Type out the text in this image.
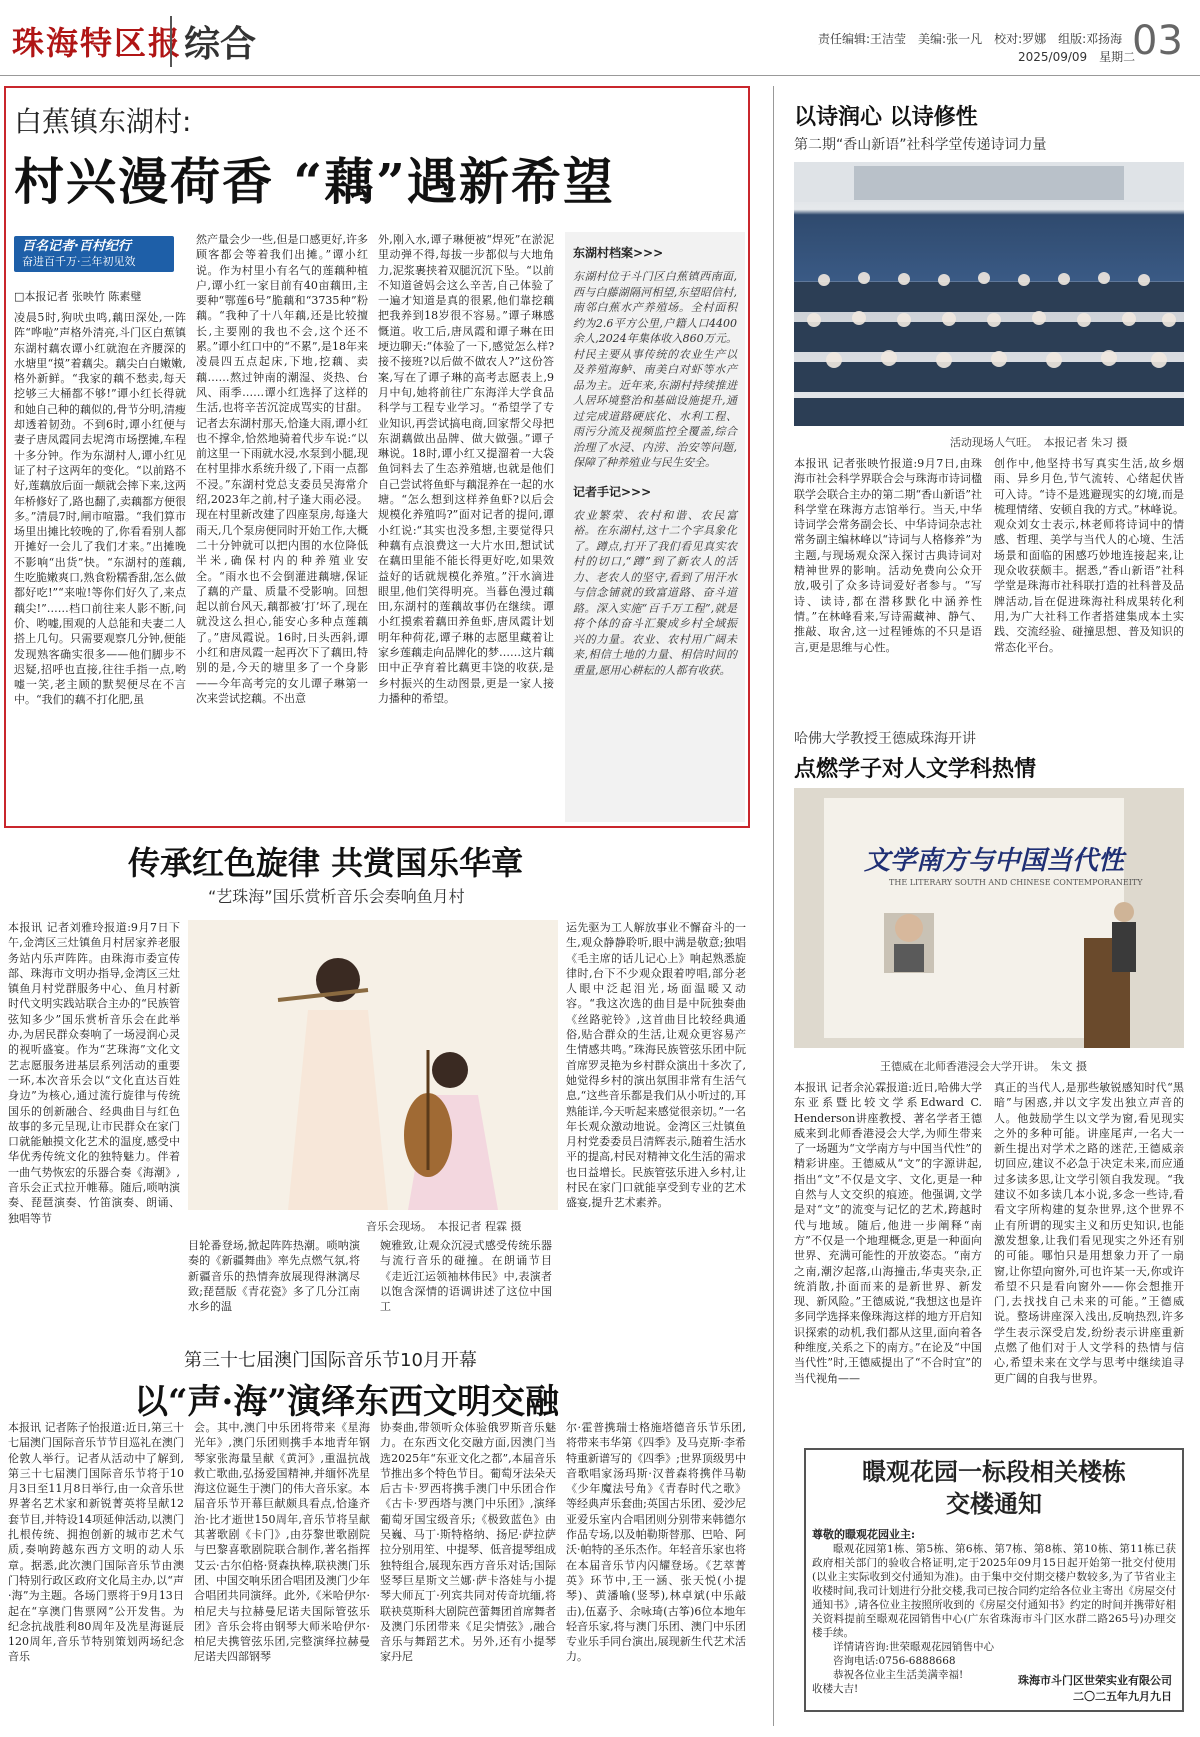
珠海特区报 综合	责任编辑:王洁莹　美编:张一凡　校对:罗娜　组版:邓扬海
2025/09/09　星期二
03
白蕉镇东湖村:
村兴漫荷香 “藕”遇新希望
百名记者·百村纪行
奋进百千万·三年初见效
□本报记者 张映竹 陈素璧
凌晨5时,狗吠虫鸣,藕田深处,一阵阵“哗啦”声格外清亮,斗门区白蕉镇东湖村藕农谭小红就泡在齐腰深的水塘里“摸”着藕尖。藕尖白白嫩嫩,格外新鲜。“我家的藕不愁卖,每天挖够三大桶都不够!”谭小红长得就和她自己种的藕似的,骨节分明,清瘦却透着韧劲。不到6时,谭小红便与妻子唐凤霞同去坭湾市场摆摊,车程十多分钟。作为东湖村人,谭小红见证了村子这两年的变化。“以前路不好,莲藕放后面一颠就会摔下来,这两年桥修好了,路也翻了,卖藕都方便很多。”清晨7时,闸市喧嚣。“我们算市场里出摊比较晚的了,你看看别人都开摊好一会儿了我们才来。”出摊晚不影响“出货”快。“东湖村的莲藕,生吃脆嫩爽口,熟食粉糯香甜,怎么做都好吃!”“来啦!等你们好久了,来点藕尖!”……档口前往来人影不断,问价、哟嘘,围观的人总能和夫妻二人搭上几句。只需要观察几分钟,便能发现熟客确实很多——他们脚步不迟疑,招呼也直接,往往手指一点,哟嘘一笑,老主顾的默契便尽在不言中。“我们的藕不打化肥,虽
然产量会少一些,但是口感更好,许多顾客都会等着我们出摊。”谭小红说。作为村里小有名气的莲藕种植户,谭小红一家目前有40亩藕田,主要种“鄂莲6号”脆藕和“3735种”粉藕。“我种了十八年藕,还是比较擅长,主要刚的我也不会,这个还不累。”谭小红口中的“不累”,是18年来凌晨四五点起床,下地,挖藕、卖藕……熬过钟南的潮湿、炎热、台风、雨季……谭小红选择了这样的生活,也将辛苦沉淀成骂实的甘甜。记者去东湖村那天,恰逢大雨,谭小红也不撑伞,恰然地骑着代步车说:“以前这里一下雨就水浸,水泵到小腿,现在村里排水系统升级了,下雨一点都不浸。”东湖村党总支委员吴海常介绍,2023年之前,村子逢大雨必浸。现在村里新改建了四座泵房,每逢大雨天,几个泵房便同时开始工作,大概二十分钟就可以把内围的水位降低半米,确保村内的种养殖业安全。“雨水也不会倒灌进藕塘,保证了藕的产量、质量不受影响。回想起以前台风天,藕都被‘打’坏了,现在就没这么担心,能安心多种点莲藕了。”唐凤霞说。16时,日头西斜,谭小红和唐凤霞一起再次下了藕田,特别的是,今天的塘里多了一个身影——今年高考完的女儿谭子琳第一次来尝试挖藕。不出意
外,刚入水,谭子琳便被“焊死”在淤泥里动弹不得,每拔一步都似与大地角力,泥浆裹挟着双腿沉沉下坠。“以前不知道爸妈会这么辛苦,自己体验了一遍才知道是真的很累,他们靠挖藕把我养到18岁很不容易。”谭子琳感慨道。收工后,唐凤霞和谭子琳在田埂边聊天:“体验了一下,感觉怎么样?接不接班?以后做不做农人?”这份答案,写在了谭子琳的高考志愿表上,9月中旬,她将前往广东海洋大学食品科学与工程专业学习。“希望学了专业知识,再尝试搞电商,回家帮父母把东湖藕做出品牌、做大做强。”谭子琳说。18时,谭小红又提溜着一大袋鱼饲料去了生态养殖塘,也就是他们自己尝试将鱼虾与藕混养在一起的水塘。“怎么想到这样养鱼虾?以后会规模化养殖吗?”面对记者的提问,谭小红说:“其实也没多想,主要觉得只种藕有点浪费这一大片水田,想试试在藕田里能不能长得更好吃,如果效益好的话就规模化养殖。”汗水滴进眼里,他们笑得明亮。当暮色漫过藕田,东湖村的莲藕故事仍在继续。谭小红摸索着藕田养鱼虾,唐凤霞计划明年种荷花,谭子琳的志愿里藏着让家乡莲藕走向品牌化的梦……这片藕田中正孕育着比藕更丰饶的收获,是乡村振兴的生动图景,更是一家人接力播种的希望。
东湖村档案>>>

东湖村位于斗门区白蕉镇西南面,西与白藤湖隔河相望,东望昭信村,南邻白蕉水产养殖场。全村面积约为2.6平方公里,户籍人口4400余人,2024年集体收入860万元。村民主要从事传统的农业生产以及养殖海鲈、南美白对虾等水产品为主。近年来,东湖村持续推进人居环境整治和基础设施提升,通过完成道路硬底化、水利工程、雨污分流及视频监控全覆盖,综合治理了水浸、内涝、治安等问题,保障了种养殖业与民生安全。

记者手记>>>

农业繁荣、农村和谐、农民富裕。在东湖村,这十二个字具象化了。蹲点,打开了我们看见真实农村的切口,“蹲”到了新农人的活力、老农人的坚守,看到了用汗水与信念铺就的致富道路、奋斗道路。深入实施“百千万工程”,就是将个体的奋斗汇聚成乡村全域振兴的力量。农业、农村用广阔未来,相信土地的力量、相信时间的重量,愿用心耕耘的人都有收获。

以诗润心 以诗修性
第二期“香山新语”社科学堂传递诗词力量
活动现场人气旺。　本报记者 朱习 摄
本报讯 记者张映竹报道:9月7日,由珠海市社会科学界联合会与珠海市诗词楹联学会联合主办的第二期“香山新语”社科学堂在珠海方志馆举行。当天,中华诗词学会常务副会长、中华诗词杂志社常务副主编林峰以“诗词与人格修养”为主题,与现场观众深入探讨古典诗词对精神世界的影响。活动免费向公众开放,吸引了众多诗词爱好者参与。“写诗、读诗,都在潜移默化中涵养性情。”在林峰看来,写诗需藏神、静气、推敲、取舍,这一过程锤炼的不只是语言,更是思维与心性。
创作中,他坚持书写真实生活,故乡烟雨、异乡月色,节气流转、心绪起伏皆可入诗。“诗不是逃避现实的幻境,而是梳理情绪、安顿自我的方式。”林峰说。观众刘女士表示,林老师将诗词中的情感、哲理、美学与当代人的心境、生活场景和面临的困感巧妙地连接起来,让现众收获颇丰。据悉,“香山新语”社科学堂是珠海市社科联打造的社科普及品牌活动,旨在促进珠海社科成果转化利用,为广大社科工作者搭建集成本土实践、交流经验、碰撞思想、普及知识的常态化平台。
哈佛大学教授王德威珠海开讲
点燃学子对人文学科热情
文学南方与中国当代性
THE LITERARY SOUTH AND CHINESE CONTEMPORANEITY
王德威在北师香港浸会大学开讲。　朱文 摄
本报讯 记者余沁霖报道:近日,哈佛大学东亚系暨比较文学系Edward C. Henderson讲座教授、著名学者王德威来到北师香港浸会大学,为师生带来了一场题为“文学南方与中国当代性”的精彩讲座。王德威从“文”的字源讲起,指出“文”不仅是文字、文化,更是一种自然与人文交织的痕迹。他强调,文学是对“文”的流变与记忆的艺术,跨越时代与地域。随后,他进一步阐释“南方”不仅是一个地理概念,更是一种面向世界、充满可能性的开放姿态。“南方之南,潮汐起落,山海撞击,华夷夹杂,正统消散,扑面而来的是新世界、新发现、新风险。”王德威说,“我想这也是许多同学选择来像珠海这样的地方开启知识探索的动机,我们都从这里,面向着各种维度,关系之下的南方。”在论及“中国当代性”时,王德威提出了“不合时宜”的当代视角——
真正的当代人,是那些敏锐感知时代“黑暗”与困惑,并以文字发出独立声音的人。他鼓励学生以文学为窗,看见现实之外的多种可能。讲座尾声,一名大一新生提出对学术之路的迷茫,王德威亲切回应,建议不必急于决定未来,而应通过多读多思,让文学引领自我发现。“我建议不如多读几本小说,多念一些诗,看看文字所构建的复杂世界,这个世界不止有所谓的现实主义和历史知识,也能激发想象,让我们看见现实之外还有别的可能。哪怕只是用想象力开了一扇窗,让你望向窗外,可也许某一天,你或许希望不只是看向窗外——你会想推开门,去找找自己未来的可能。”王德威说。整场讲座深入浅出,反响热烈,许多学生表示深受启发,纷纷表示讲座重新点燃了他们对于人文学科的热情与信心,希望未来在文学与思考中继续追寻更广阔的自我与世界。
传承红色旋律 共赏国乐华章
“艺珠海”国乐赏析音乐会奏响鱼月村
本报讯 记者刘雅玲报道:9月7日下午,金湾区三灶镇鱼月村居家养老服务站内乐声阵阵。由珠海市委宣传部、珠海市文明办指导,金湾区三灶镇鱼月村党群服务中心、鱼月村新时代文明实践站联合主办的“民族管弦知多少”国乐赏析音乐会在此举办,为居民群众奏响了一场浸润心灵的视听盛宴。作为“艺珠海”文化文艺志愿服务进基层系列活动的重要一环,本次音乐会以“文化直达百姓身边”为核心,通过流行旋律与传统国乐的创新融合、经典曲目与红色故事的多元呈现,让市民群众在家门口就能触摸文化艺术的温度,感受中华优秀传统文化的独特魅力。伴着一曲气势恢宏的乐器合奏《海潮》,音乐会正式拉开帷幕。随后,唢呐演奏、琵琶演奏、竹笛演奏、朗诵、独唱等节
音乐会现场。　本报记者 程霖 摄
目轮番登场,掀起阵阵热潮。唢呐演奏的《新疆舞曲》率先点燃气氛,将新疆音乐的热情奔放展现得淋漓尽致;琵琶版《青花瓷》多了几分江南水乡的温
婉雅致,让观众沉浸式感受传统乐器与流行音乐的碰撞。在朗诵节目《走近江运领袖林伟民》中,表演者以饱含深情的语调讲述了这位中国工
运先驱为工人解放事业不懈奋斗的一生,观众静静聆听,眼中满是敬意;独唱《毛主席的话儿记心上》响起熟悉旋律时,台下不少观众跟着哼唱,部分老人眼中泛起泪光,场面温暖又动容。“我这次选的曲目是中阮独奏曲《丝路驼铃》,这首曲目比较经典通俗,贴合群众的生活,让观众更容易产生情感共鸣。”珠海民族管弦乐团中阮首席罗灵艳为乡村群众演出十多次了,她觉得乡村的演出氛围非常有生活气息,“这些音乐都是我们从小听过的,耳熟能详,今天听起来感觉很亲切。”一名年长观众激动地说。金湾区三灶镇鱼月村党委委员吕清辉表示,随着生活水平的提高,村民对精神文化生活的需求也日益增长。民族管弦乐进入乡村,让村民在家门口就能享受到专业的艺术盛宴,提升艺术素养。
第三十七届澳门国际音乐节10月开幕
以“声·海”演绎东西文明交融
本报讯 记者陈子怡报道:近日,第三十七届澳门国际音乐节节目巡礼在澳门伦敦人举行。记者从活动中了解到,第三十七届澳门国际音乐节将于10月3日至11月8日举行,由一众音乐世界著名艺术家和新锐菁英将呈献12套节目,并特设14项延伸活动,以澳门扎根传统、拥抱创新的城市艺术气质,奏响跨越东西方文明的动人乐章。据悉,此次澳门国际音乐节由澳门特别行政区政府文化局主办,以“声·海”为主题。各场门票将于9月13日起在“享澳门售票网”公开发售。为纪念抗战胜利80周年及冼星海诞辰120周年,音乐节特别策划两场纪念音乐
会。其中,澳门中乐团将带来《星海光年》,澳门乐团则携手本地青年钢琴家张海量呈献《黄河》,重温抗战救亡歌曲,弘扬爱国精神,并缅怀冼星海这位诞生于澳门的伟大音乐家。本届音乐节开幕巨献颇具看点,恰逢齐治·比才逝世150周年,音乐节将呈献其著歌剧《卡门》,由芬黎世歌剧院与巴黎喜歌剧院联合制作,著名指挥艾云·古尔伯格·贤森执棒,联袂澳门乐团、中国交响乐团合唱团及澳门少年合唱团共同演绎。此外,《米哈伊尔·柏尼夫与拉赫曼尼诺夫国际管弦乐团》音乐会将由钢琴大师米哈伊尔·柏尼夫携管弦乐团,完整演绎拉赫曼尼诺夫四部钢琴
协奏曲,带领听众体验俄罗斯音乐魅力。在东西文化交融方面,因澳门当选2025年“东亚文化之都”,本届音乐节推出多个特色节目。葡萄牙法朵天后古卡·罗西将携手澳门中乐团合作《古卡·罗西塔与澳门中乐团》,演绎葡萄牙国宝级音乐;《极致蓝色》由吴巍、马丁·斯特格纳、扬尼·萨拉萨拉分别用笙、中提琴、低音提琴组成独特组合,展现东西方音乐对话;国际竖琴巨星斯文兰娜·萨卡洛娃与小提琴大师瓦丁·列宾共同对传奇坑缅,将联袂莫斯科大剧院芭蕾舞团首席舞者及澳门乐团带来《足尖情弦》,融合音乐与舞蹈艺术。另外,还有小提琴家丹尼
尔·霍普携瑞士格施塔德音乐节乐团,将带来韦华第《四季》及马克斯·李希特重新谱写的《四季》;世界顶级男中音歌唱家汤玛斯·汉普森将携伴马勒《少年魔法号角》《青春时代之歌》等经典声乐套曲;英国古乐团、爱沙尼亚爱乐室内合唱团则分别带来韩德尔作品专场,以及帕勒斯替那、巴哈、阿沃·帕特的圣乐杰作。年轻音乐家也将在本届音乐节内闪耀登场。《艺萃菁英》环节中,王一涵、张天悦(小提琴)、黄潘喻(竖琴),林卓斌(中乐敲击),伍嘉予、余咏琦(古筝)6位本地年轻音乐家,将与澳门乐团、澳门中乐团专业乐手同台演出,展现新生代艺术活力。
暻观花园一标段相关楼栋
交楼通知
尊敬的暻观花园业主:
暻观花园第1栋、第5栋、第6栋、第7栋、第8栋、第10栋、第11栋已获政府相关部门的验收合格证明,定于2025年09月15日起开始第一批交付使用(以业主实际收到交付通知为准)。由于集中交付期交楼户数较多,为了节省业主收楼时间,我司计划进行分批交楼,我司已按合同约定给各位业主寄出《房屋交付通知书》,请各位业主按照所收到的《房屋交付通知书》约定的时间并携带好相关资料提前至暻观花园销售中心(广东省珠海市斗门区水群二路265号)办理交楼手续。
详情请咨询:世荣暻观花园销售中心
咨询电话:0756-6888668
恭祝各位业主生活美满幸福!
收楼大吉!
珠海市斗门区世荣实业有限公司
二〇二五年九月九日
